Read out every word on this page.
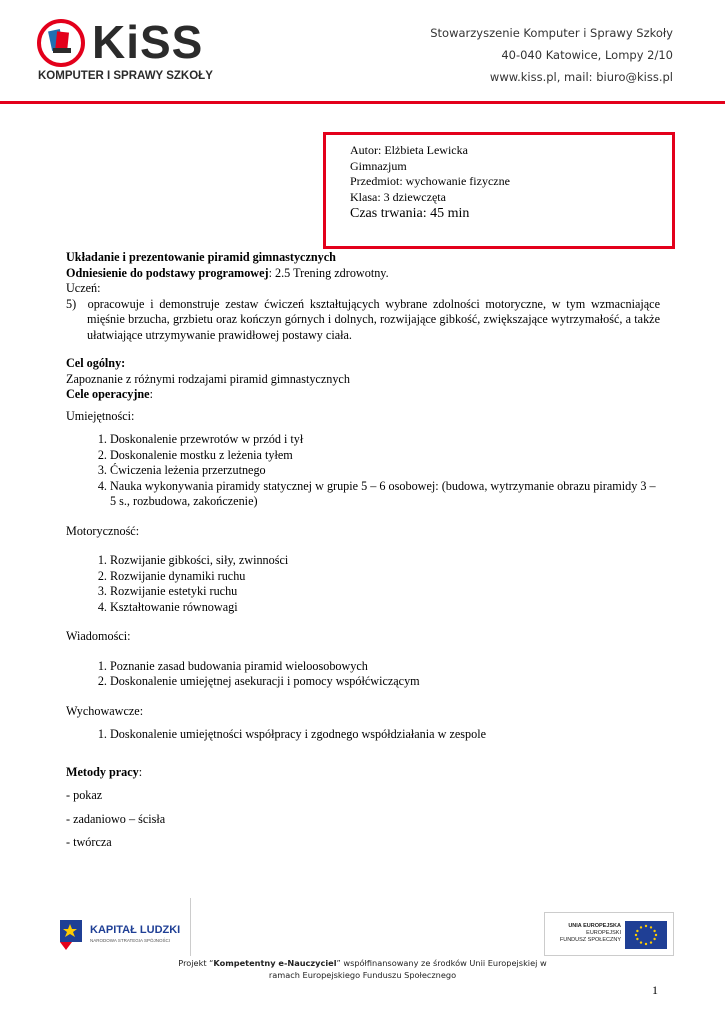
KiSS
KOMPUTER I SPRAWY SZKOŁY
Stowarzyszenie Komputer i Sprawy Szkoły
40-040 Katowice, Lompy 2/10
www.kiss.pl, mail: biuro@kiss.pl
Autor: Elżbieta Lewicka
Gimnazjum
Przedmiot: wychowanie fizyczne
Klasa: 3 dziewczęta
Czas trwania: 45 min

Układanie i prezentowanie piramid gimnastycznych

Odniesienie do podstawy programowej: 2.5 Trening zdrowotny.

Uczeń:

5)  opracowuje i demonstruje zestaw ćwiczeń kształtujących wybrane zdolności motoryczne, w tym wzmacniające mięśnie brzucha, grzbietu oraz kończyn górnych i dolnych, rozwijające gibkość, zwiększające wytrzymałość, a także ułatwiające utrzymywanie prawidłowej postawy ciała.

Cel ogólny:

Zapoznanie z różnymi rodzajami piramid gimnastycznych

Cele operacyjne:

Umiejętności:

1. Doskonalenie przewrotów w przód i tył
2. Doskonalenie mostku z leżenia tyłem
3. Ćwiczenia leżenia przerzutnego
4. Nauka wykonywania piramidy statycznej w grupie 5 – 6 osobowej: (budowa, wytrzymanie obrazu piramidy 3 – 5 s., rozbudowa, zakończenie)

Motoryczność:

1. Rozwijanie gibkości, siły, zwinności
2. Rozwijanie dynamiki ruchu
3. Rozwijanie estetyki ruchu
4. Kształtowanie równowagi

Wiadomości:

1. Poznanie zasad budowania piramid wieloosobowych
2. Doskonalenie umiejętnej asekuracji i pomocy współćwiczącym

Wychowawcze:

1. Doskonalenie umiejętności współpracy i zgodnego współdziałania w zespole

Metody pracy:

- pokaz

- zadaniowo – ścisła

- twórcza

KAPITAŁ LUDZKI
NARODOWA STRATEGIA SPÓJNOŚCI
UNIA EUROPEJSKA
EUROPEJSKI
FUNDUSZ SPOŁECZNY
Projekt “Kompetentny e-Nauczyciel” współfinansowany ze środków Unii Europejskiej w
ramach Europejskiego Funduszu Społecznego
1
